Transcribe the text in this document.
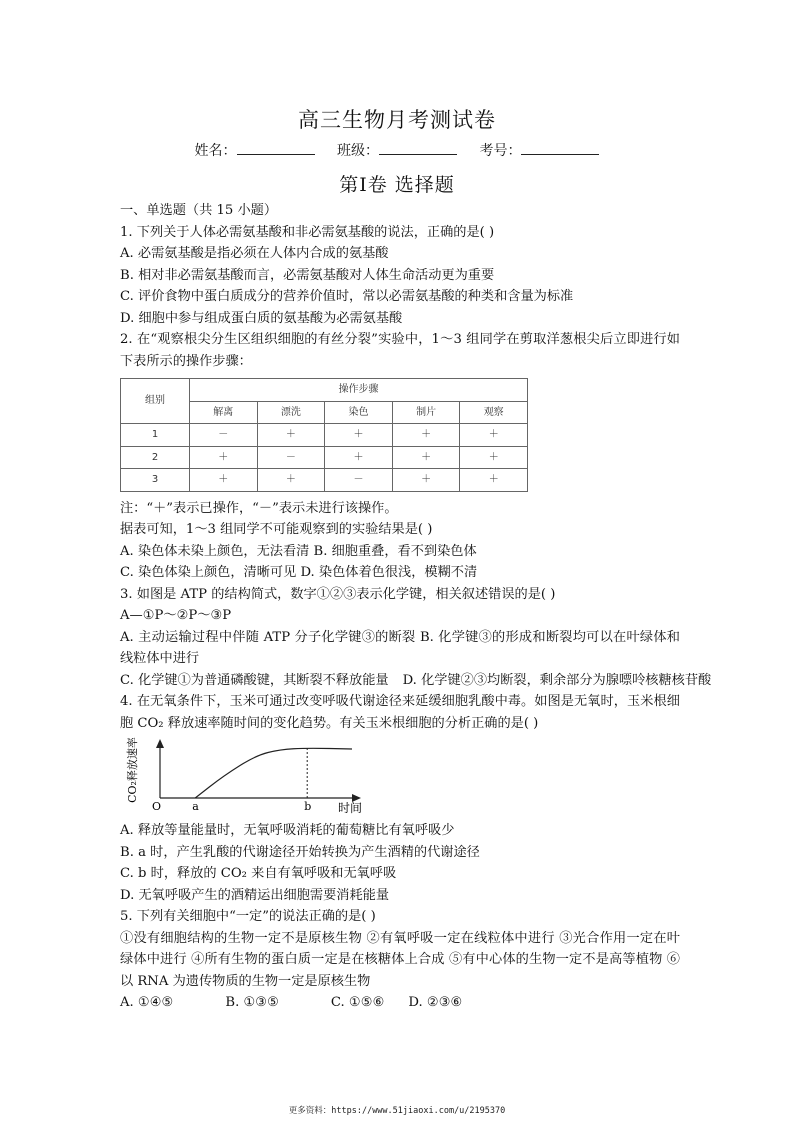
高三生物月考测试卷
姓名：	班级：	考号：
第Ⅰ卷 选择题
一、单选题（共 15 小题）
1. 下列关于人体必需氨基酸和非必需氨基酸的说法，正确的是( )
A. 必需氨基酸是指必须在人体内合成的氨基酸
B. 相对非必需氨基酸而言，必需氨基酸对人体生命活动更为重要
C. 评价食物中蛋白质成分的营养价值时，常以必需氨基酸的种类和含量为标准
D. 细胞中参与组成蛋白质的氨基酸为必需氨基酸
2. 在“观察根尖分生区组织细胞的有丝分裂”实验中，1～3 组同学在剪取洋葱根尖后立即进行如下表所示的操作步骤：
组别	操作步骤				
	解离	漂洗	染色	制片	观察
1	－	＋	＋	＋	＋
2	＋	－	＋	＋	＋
3	＋	＋	－	＋	＋
注：“＋”表示已操作，“－”表示未进行该操作。
据表可知，1～3 组同学不可能观察到的实验结果是( )
A. 染色体未染上颜色，无法看清 B. 细胞重叠，看不到染色体
C. 染色体染上颜色，清晰可见 D. 染色体着色很浅，模糊不清
3. 如图是 ATP 的结构简式，数字①②③表示化学键，相关叙述错误的是( )
A—①P～②P～③P
A. 主动运输过程中伴随 ATP 分子化学键③的断裂 B. 化学键③的形成和断裂均可以在叶绿体和线粒体中进行
C. 化学键①为普通磷酸键，其断裂不释放能量 D. 化学键②③均断裂，剩余部分为腺嘌呤核糖核苷酸
4. 在无氧条件下，玉米可通过改变呼吸代谢途径来延缓细胞乳酸中毒。如图是无氧时，玉米根细胞 CO₂ 释放速率随时间的变化趋势。有关玉米根细胞的分析正确的是( )
CO₂释放速率
O	时间
a	b
A. 释放等量能量时，无氧呼吸消耗的葡萄糖比有氧呼吸少
B. a 时，产生乳酸的代谢途径开始转换为产生酒精的代谢途径
C. b 时，释放的 CO₂ 来自有氧呼吸和无氧呼吸
D. 无氧呼吸产生的酒精运出细胞需要消耗能量
5. 下列有关细胞中“一定”的说法正确的是( )
①没有细胞结构的生物一定不是原核生物 ②有氧呼吸一定在线粒体中进行 ③光合作用一定在叶绿体中进行 ④所有生物的蛋白质一定是在核糖体上合成 ⑤有中心体的生物一定不是高等植物 ⑥以 RNA 为遗传物质的生物一定是原核生物
A. ①④⑤	B. ①③⑤	C. ①⑤⑥ D. ②③⑥
更多资料：https://www.51jiaoxi.com/u/2195370
